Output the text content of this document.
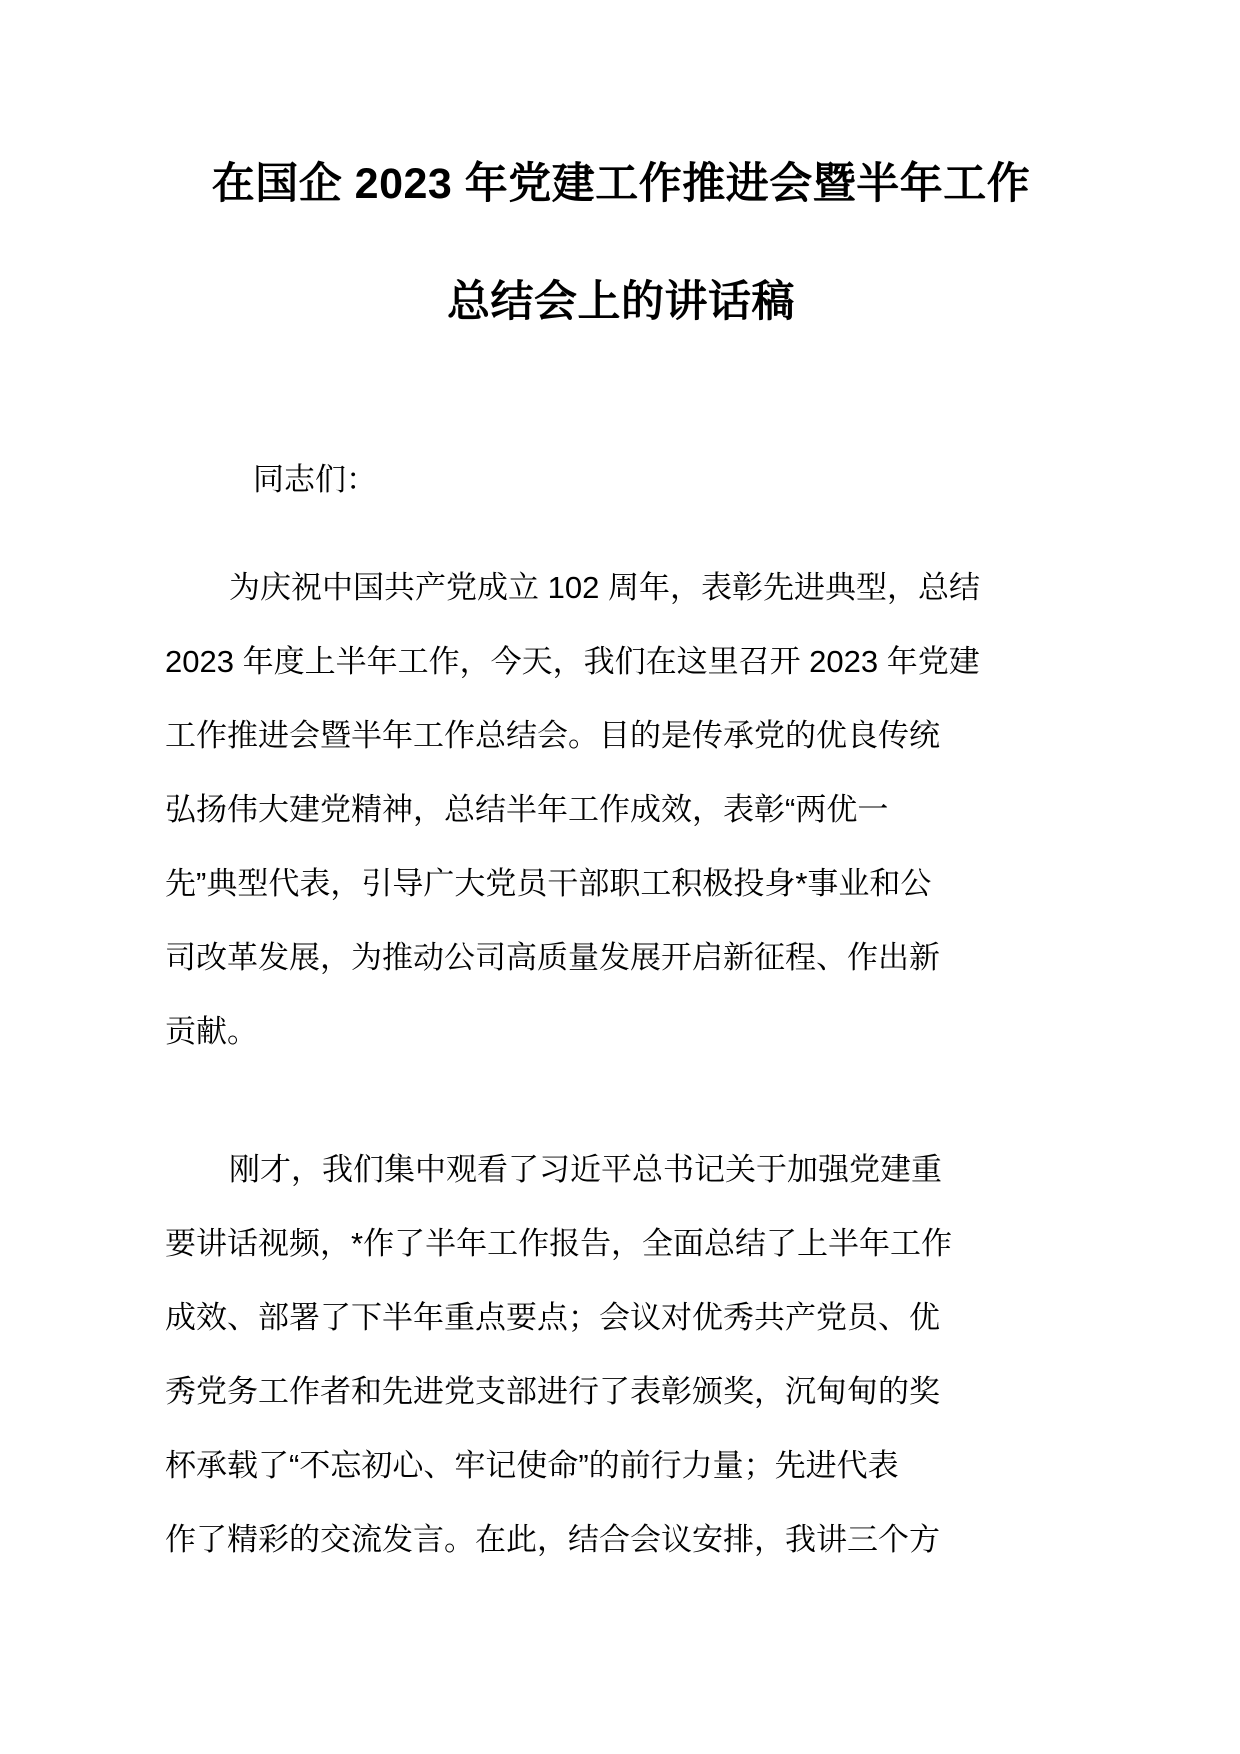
在国企 2023 年党建工作推进会暨半年工作
总结会上的讲话稿

同志们：

为庆祝中国共产党成立 102 周年，表彰先进典型，总结
2023 年度上半年工作，今天，我们在这里召开 2023 年党建
工作推进会暨半年工作总结会。目的是传承党的优良传统
弘扬伟大建党精神，总结半年工作成效，表彰“两优一
先”典型代表，引导广大党员干部职工积极投身*事业和公
司改革发展，为推动公司高质量发展开启新征程、作出新
贡献。
刚才，我们集中观看了习近平总书记关于加强党建重
要讲话视频，*作了半年工作报告，全面总结了上半年工作
成效、部署了下半年重点要点；会议对优秀共产党员、优
秀党务工作者和先进党支部进行了表彰颁奖，沉甸甸的奖
杯承载了“不忘初心、牢记使命”的前行力量；先进代表
作了精彩的交流发言。在此，结合会议安排，我讲三个方
